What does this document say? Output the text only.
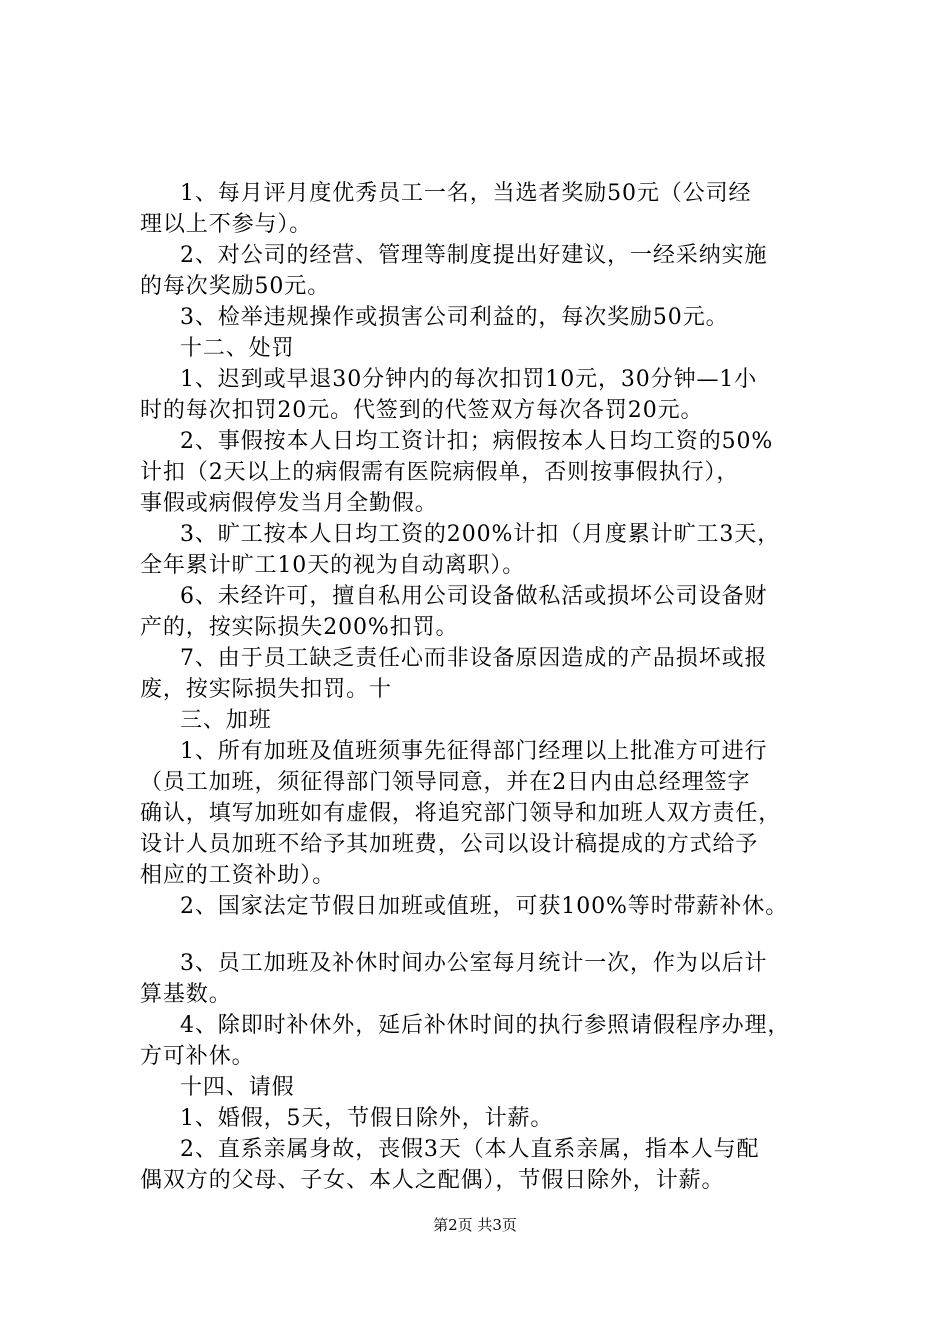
1、每月评月度优秀员工一名，当选者奖励50元（公司经
理以上不参与）。
2、对公司的经营、管理等制度提出好建议，一经采纳实施
的每次奖励50元。
3、检举违规操作或损害公司利益的，每次奖励50元。
十二、处罚
1、迟到或早退30分钟内的每次扣罚10元，30分钟—1小
时的每次扣罚20元。代签到的代签双方每次各罚20元。
2、事假按本人日均工资计扣；病假按本人日均工资的50%
计扣（2天以上的病假需有医院病假单，否则按事假执行），
事假或病假停发当月全勤假。
3、旷工按本人日均工资的200%计扣（月度累计旷工3天，
全年累计旷工10天的视为自动离职）。
6、未经许可，擅自私用公司设备做私活或损坏公司设备财
产的，按实际损失200%扣罚。
7、由于员工缺乏责任心而非设备原因造成的产品损坏或报
废，按实际损失扣罚。十
三、加班
1、所有加班及值班须事先征得部门经理以上批准方可进行
（员工加班，须征得部门领导同意，并在2日内由总经理签字
确认，填写加班如有虚假，将追究部门领导和加班人双方责任，
设计人员加班不给予其加班费，公司以设计稿提成的方式给予
相应的工资补助）。
2、国家法定节假日加班或值班，可获100%等时带薪补休。
3、员工加班及补休时间办公室每月统计一次，作为以后计
算基数。
4、除即时补休外，延后补休时间的执行参照请假程序办理，
方可补休。
十四、请假
1、婚假，5天，节假日除外，计薪。
2、直系亲属身故，丧假3天（本人直系亲属，指本人与配
偶双方的父母、子女、本人之配偶），节假日除外，计薪。
第2页 共3页
